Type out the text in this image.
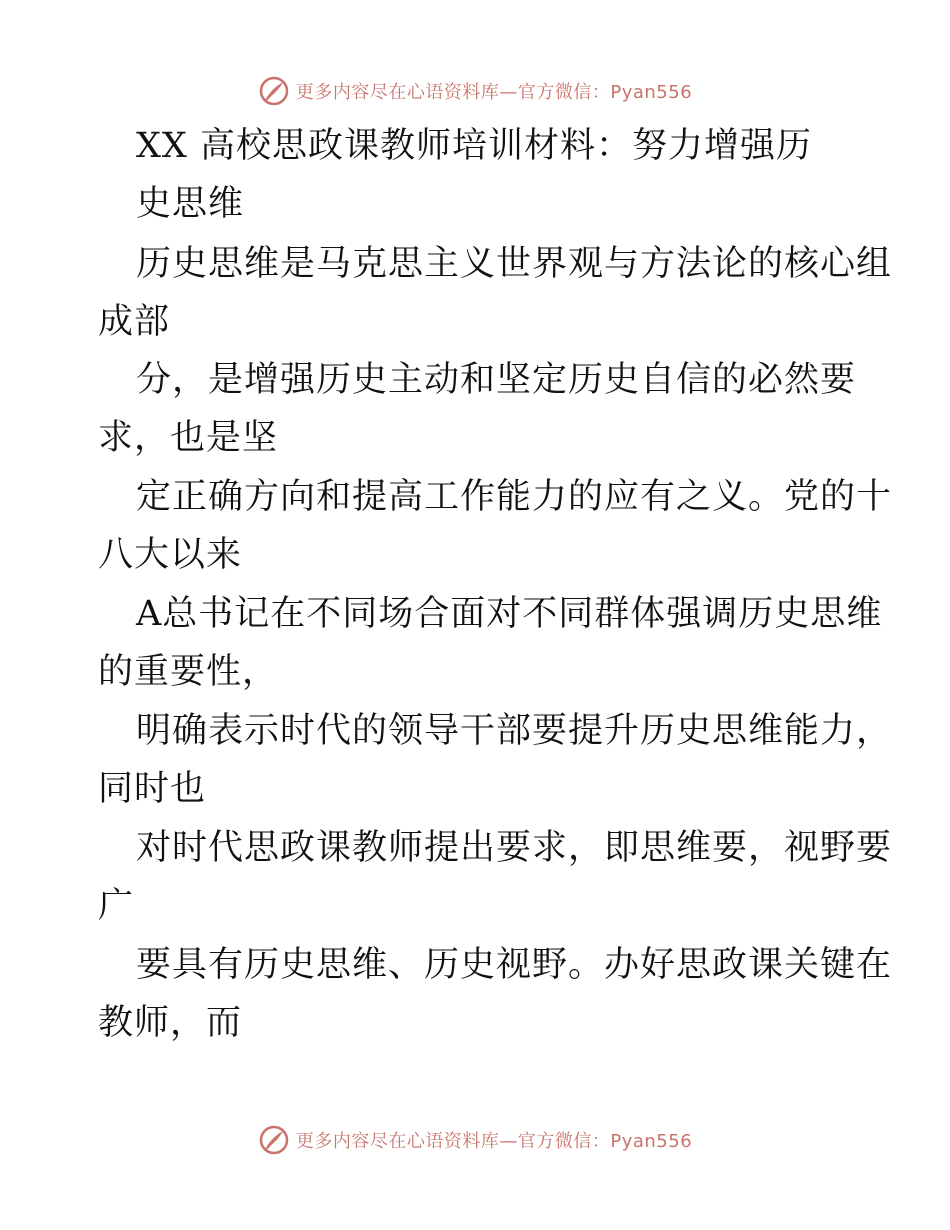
更多内容尽在心语资料库—官方微信：Pyan556
XX 高校思政课教师培训材料：努力增强历
史思维
历史思维是马克思主义世界观与方法论的核心组
成部
分，是增强历史主动和坚定历史自信的必然要
求，也是坚
定正确方向和提高工作能力的应有之义。党的十
八大以来
A总书记在不同场合面对不同群体强调历史思维
的重要性，
明确表示时代的领导干部要提升历史思维能力，
同时也
对时代思政课教师提出要求，即思维要，视野要
广
要具有历史思维、历史视野。办好思政课关键在
教师，而
更多内容尽在心语资料库—官方微信：Pyan556
